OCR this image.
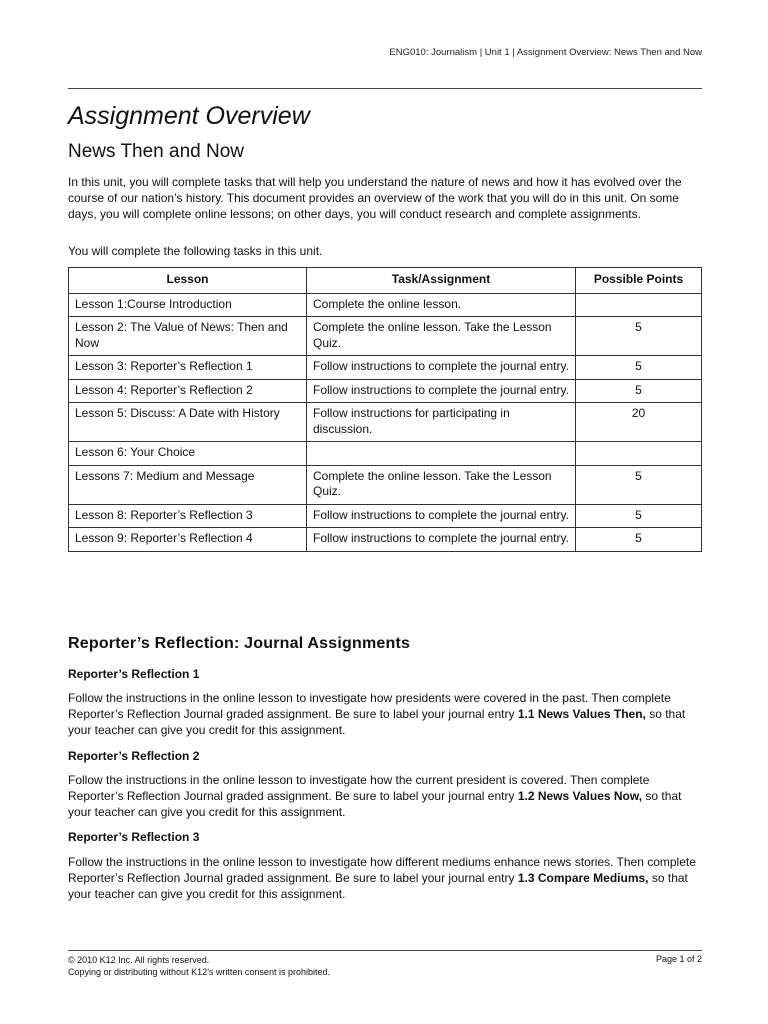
ENG010: Journalism | Unit 1 | Assignment Overview: News Then and Now
Assignment Overview
News Then and Now

In this unit, you will complete tasks that will help you understand the nature of news and how it has evolved over the course of our nation’s history. This document provides an overview of the work that you will do in this unit. On some days, you will complete online lessons; on other days, you will conduct research and complete assignments.

You will complete the following tasks in this unit.

Lesson	Task/Assignment	Possible Points
Lesson 1:Course Introduction	Complete the online lesson.	
Lesson 2: The Value of News: Then and Now	Complete the online lesson. Take the Lesson Quiz.	5
Lesson 3: Reporter’s Reflection 1	Follow instructions to complete the journal entry.	5
Lesson 4: Reporter’s Reflection 2	Follow instructions to complete the journal entry.	5
Lesson 5: Discuss: A Date with History	Follow instructions for participating in discussion.	20
Lesson 6: Your Choice		
Lessons 7: Medium and Message	Complete the online lesson. Take the Lesson Quiz.	5
Lesson 8: Reporter’s Reflection 3	Follow instructions to complete the journal entry.	5
Lesson 9: Reporter’s Reflection 4	Follow instructions to complete the journal entry.	5
Reporter’s Reflection: Journal Assignments
Reporter’s Reflection 1

Follow the instructions in the online lesson to investigate how presidents were covered in the past. Then complete Reporter’s Reflection Journal graded assignment. Be sure to label your journal entry 1.1 News Values Then, so that your teacher can give you credit for this assignment.

Reporter’s Reflection 2

Follow the instructions in the online lesson to investigate how the current president is covered. Then complete Reporter’s Reflection Journal graded assignment. Be sure to label your journal entry 1.2 News Values Now, so that your teacher can give you credit for this assignment.

Reporter’s Reflection 3

Follow the instructions in the online lesson to investigate how different mediums enhance news stories. Then complete Reporter’s Reflection Journal graded assignment. Be sure to label your journal entry 1.3 Compare Mediums, so that your teacher can give you credit for this assignment.

© 2010 K12 Inc. All rights reserved.
Copying or distributing without K12’s written consent is prohibited.
Page 1 of 2
